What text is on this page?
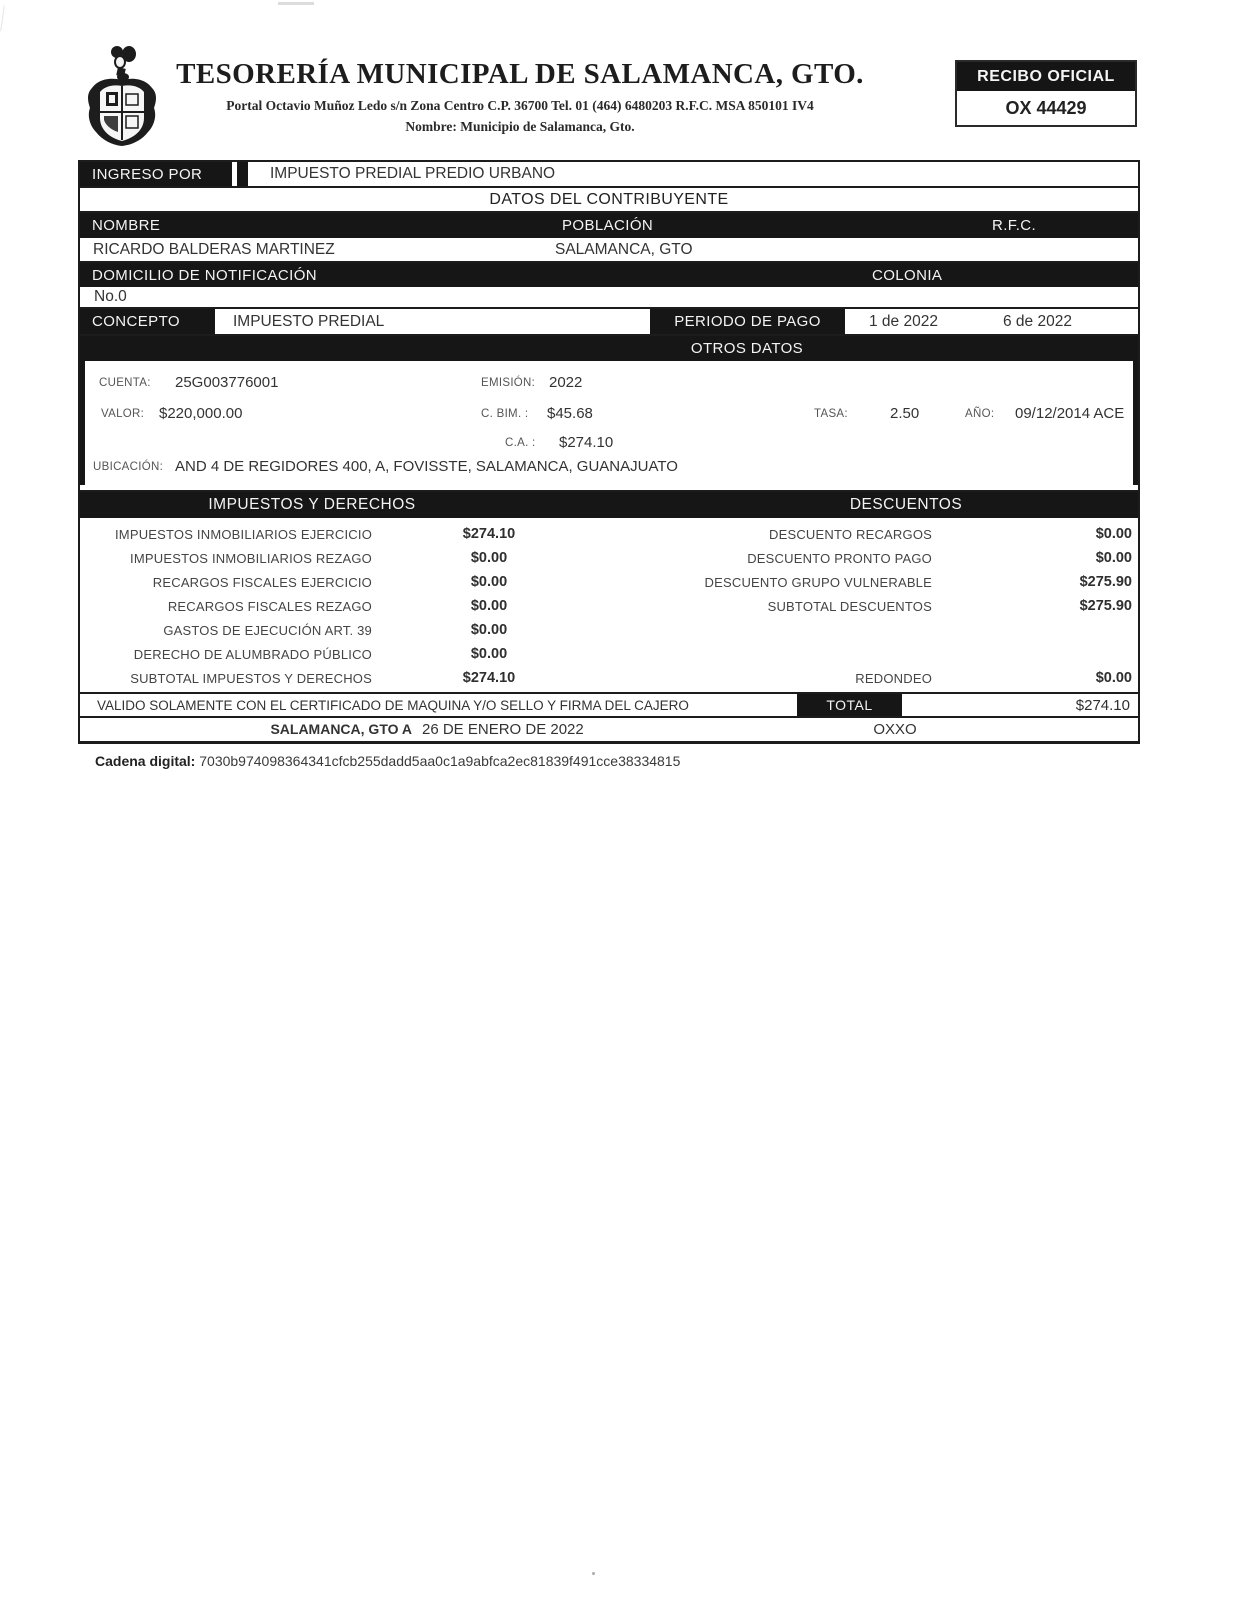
TESORERÍA MUNICIPAL DE SALAMANCA, GTO.
Portal Octavio Muñoz Ledo s/n Zona Centro C.P. 36700 Tel. 01 (464) 6480203 R.F.C. MSA 850101 IV4
Nombre: Municipio de Salamanca, Gto.
RECIBO OFICIAL
OX 44429
INGRESO POR	IMPUESTO PREDIAL PREDIO URBANO
DATOS DEL CONTRIBUYENTE
NOMBRE	POBLACIÓN	R.F.C.
RICARDO BALDERAS MARTINEZ	SALAMANCA, GTO
DOMICILIO DE NOTIFICACIÓN	COLONIA
No.0
CONCEPTO	IMPUESTO PREDIAL	PERIODO DE PAGO	1 de 2022	6 de 2022
OTROS DATOS
CUENTA: 25G003776001	EMISIÓN: 2022
VALOR: $220,000.00	C. BIM. : $45.68	TASA:	2.50	AÑO: 09/12/2014 ACE
C.A. : $274.10
UBICACIÓN: AND 4 DE REGIDORES 400, A, FOVISSTE, SALAMANCA, GUANAJUATO
IMPUESTOS Y DERECHOS	DESCUENTOS
IMPUESTOS INMOBILIARIOS EJERCICIO	$274.10
IMPUESTOS INMOBILIARIOS REZAGO	$0.00
RECARGOS FISCALES EJERCICIO	$0.00
RECARGOS FISCALES REZAGO	$0.00
GASTOS DE EJECUCIÓN ART. 39	$0.00
DERECHO DE ALUMBRADO PÚBLICO	$0.00
SUBTOTAL IMPUESTOS Y DERECHOS	$274.10
DESCUENTO RECARGOS	$0.00
DESCUENTO PRONTO PAGO	$0.00
DESCUENTO GRUPO VULNERABLE	$275.90
SUBTOTAL DESCUENTOS	$275.90
REDONDEO	$0.00
VALIDO SOLAMENTE CON EL CERTIFICADO DE MAQUINA Y/O SELLO Y FIRMA DEL CAJERO	TOTAL	$274.10
SALAMANCA, GTO A 26 DE ENERO DE 2022	OXXO
Cadena digital: 7030b974098364341cfcb255dadd5aa0c1a9abfca2ec81839f491cce38334815
